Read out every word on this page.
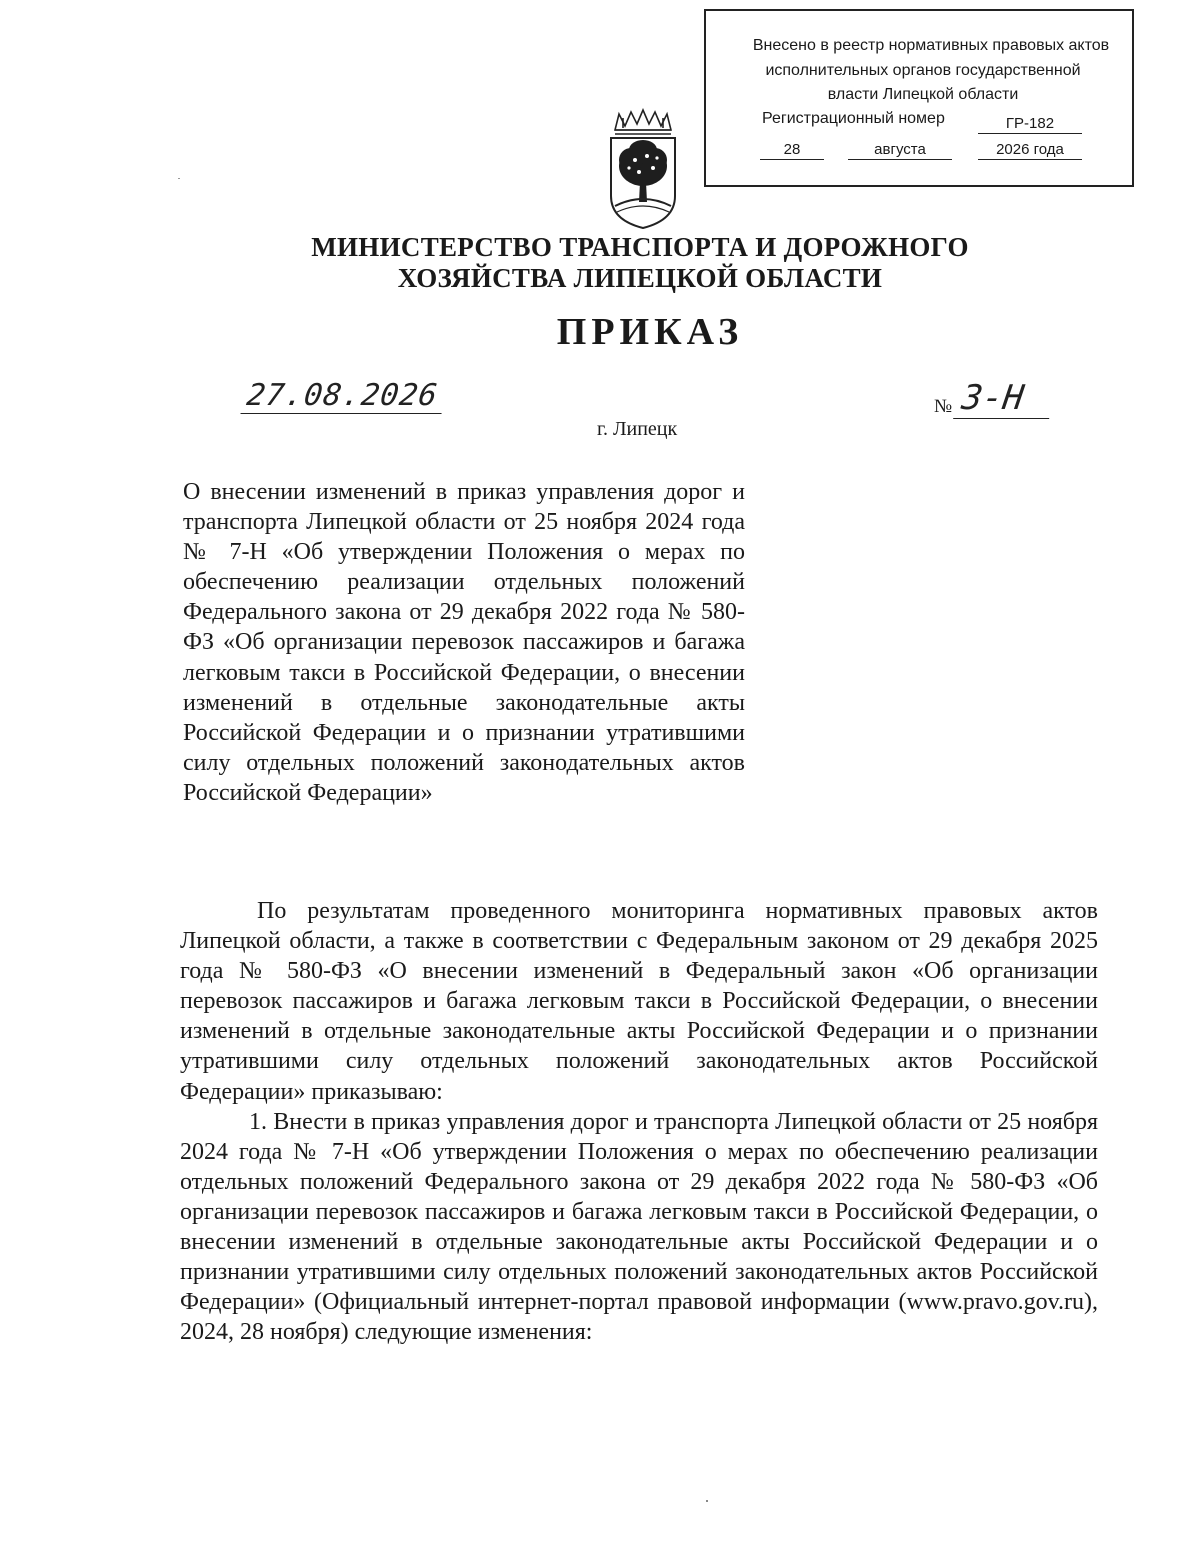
Внесено в реестр нормативных правовых актов
исполнительных органов государственной
власти Липецкой области
Регистрационный номер	ГР-182
28	августа	2026 года
МИНИСТЕРСТВО ТРАНСПОРТА И ДОРОЖНОГО
ХОЗЯЙСТВА ЛИПЕЦКОЙ ОБЛАСТИ
ПРИКАЗ
27.08.2026	№ 3-Н
г. Липецк
О внесении изменений в приказ управления дорог и транспорта Липецкой области от 25 ноября 2024 года № 7-Н «Об утверждении Положения о мерах по обеспечению реализации отдельных положений Федерального закона от 29 декабря 2022 года № 580-ФЗ «Об организации перевозок пассажиров и багажа легковым такси в Российской Федерации, о внесении изменений в отдельные законодательные акты Российской Федерации и о признании утратившими силу отдельных положений законодательных актов Российской Федерации»

По результатам проведенного мониторинга нормативных правовых актов Липецкой области, а также в соответствии с Федеральным законом от 29 декабря 2025 года № 580-ФЗ «О внесении изменений в Федеральный закон «Об организации перевозок пассажиров и багажа легковым такси в Российской Федерации, о внесении изменений в отдельные законодательные акты Российской Федерации и о признании утратившими силу отдельных положений законодательных актов Российской Федерации» приказываю:

1. Внести в приказ управления дорог и транспорта Липецкой области от 25 ноября 2024 года № 7-Н «Об утверждении Положения о мерах по обеспечению реализации отдельных положений Федерального закона от 29 декабря 2022 года № 580-ФЗ «Об организации перевозок пассажиров и багажа легковым такси в Российской Федерации, о внесении изменений в отдельные законодательные акты Российской Федерации и о признании утратившими силу отдельных положений законодательных актов Российской Федерации» (Официальный интернет-портал правовой информации (www.pravo.gov.ru), 2024, 28 ноября) следующие изменения:
